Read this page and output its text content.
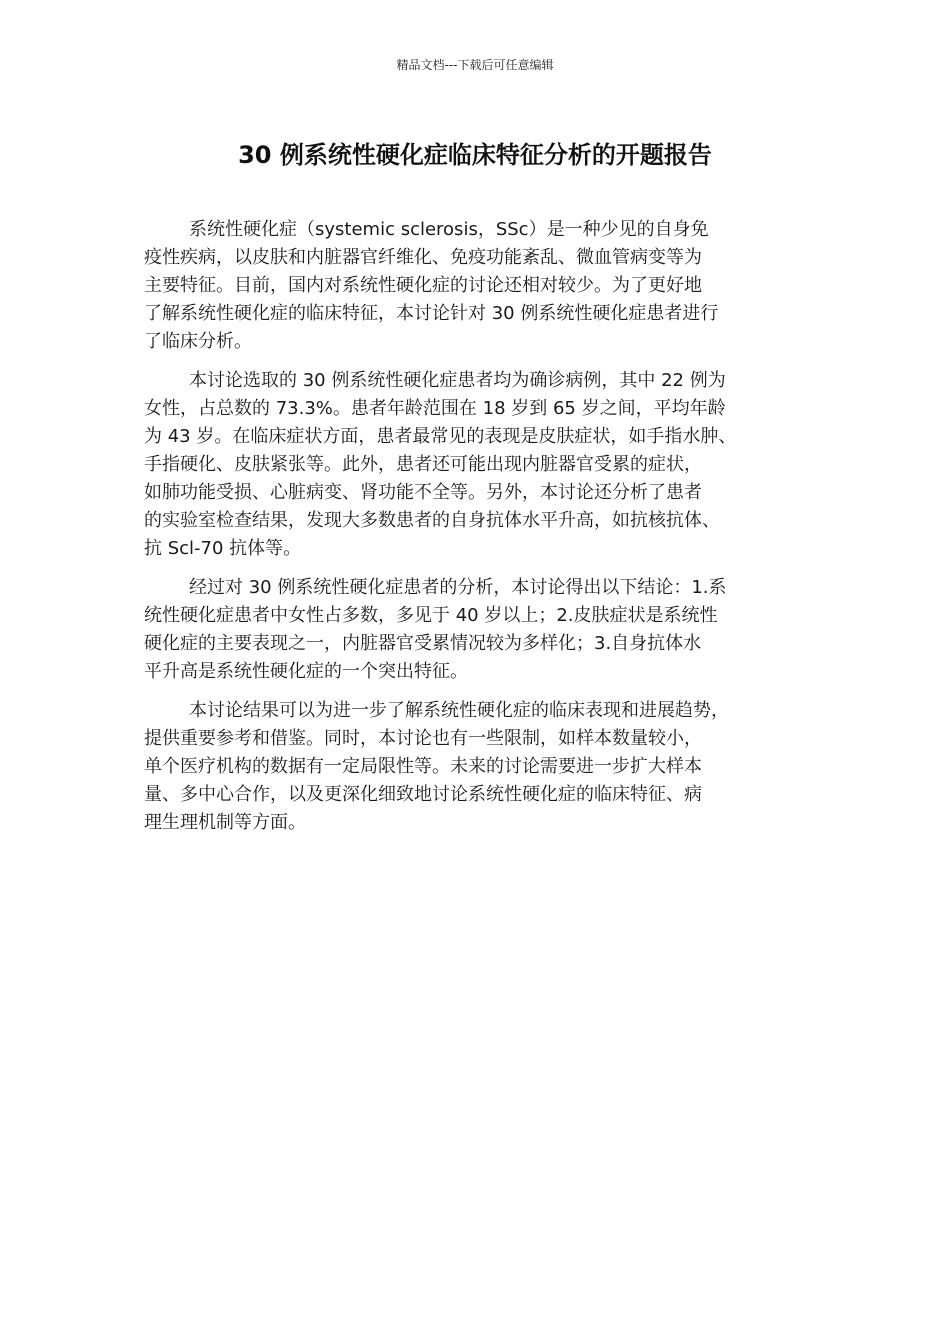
精品文档---下载后可任意编辑
30 例系统性硬化症临床特征分析的开题报告

系统性硬化症（systemic sclerosis，SSc）是一种少见的自身免
疫性疾病，以皮肤和内脏器官纤维化、免疫功能紊乱、微血管病变等为
主要特征。目前，国内对系统性硬化症的讨论还相对较少。为了更好地
了解系统性硬化症的临床特征，本讨论针对 30 例系统性硬化症患者进行
了临床分析。

本讨论选取的 30 例系统性硬化症患者均为确诊病例，其中 22 例为
女性，占总数的 73.3%。患者年龄范围在 18 岁到 65 岁之间，平均年龄
为 43 岁。在临床症状方面，患者最常见的表现是皮肤症状，如手指水肿、
手指硬化、皮肤紧张等。此外，患者还可能出现内脏器官受累的症状，
如肺功能受损、心脏病变、肾功能不全等。另外，本讨论还分析了患者
的实验室检查结果，发现大多数患者的自身抗体水平升高，如抗核抗体、
抗 Scl-70 抗体等。

经过对 30 例系统性硬化症患者的分析，本讨论得出以下结论：1.系
统性硬化症患者中女性占多数，多见于 40 岁以上；2.皮肤症状是系统性
硬化症的主要表现之一，内脏器官受累情况较为多样化；3.自身抗体水
平升高是系统性硬化症的一个突出特征。

本讨论结果可以为进一步了解系统性硬化症的临床表现和进展趋势，
提供重要参考和借鉴。同时，本讨论也有一些限制，如样本数量较小，
单个医疗机构的数据有一定局限性等。未来的讨论需要进一步扩大样本
量、多中心合作，以及更深化细致地讨论系统性硬化症的临床特征、病
理生理机制等方面。
